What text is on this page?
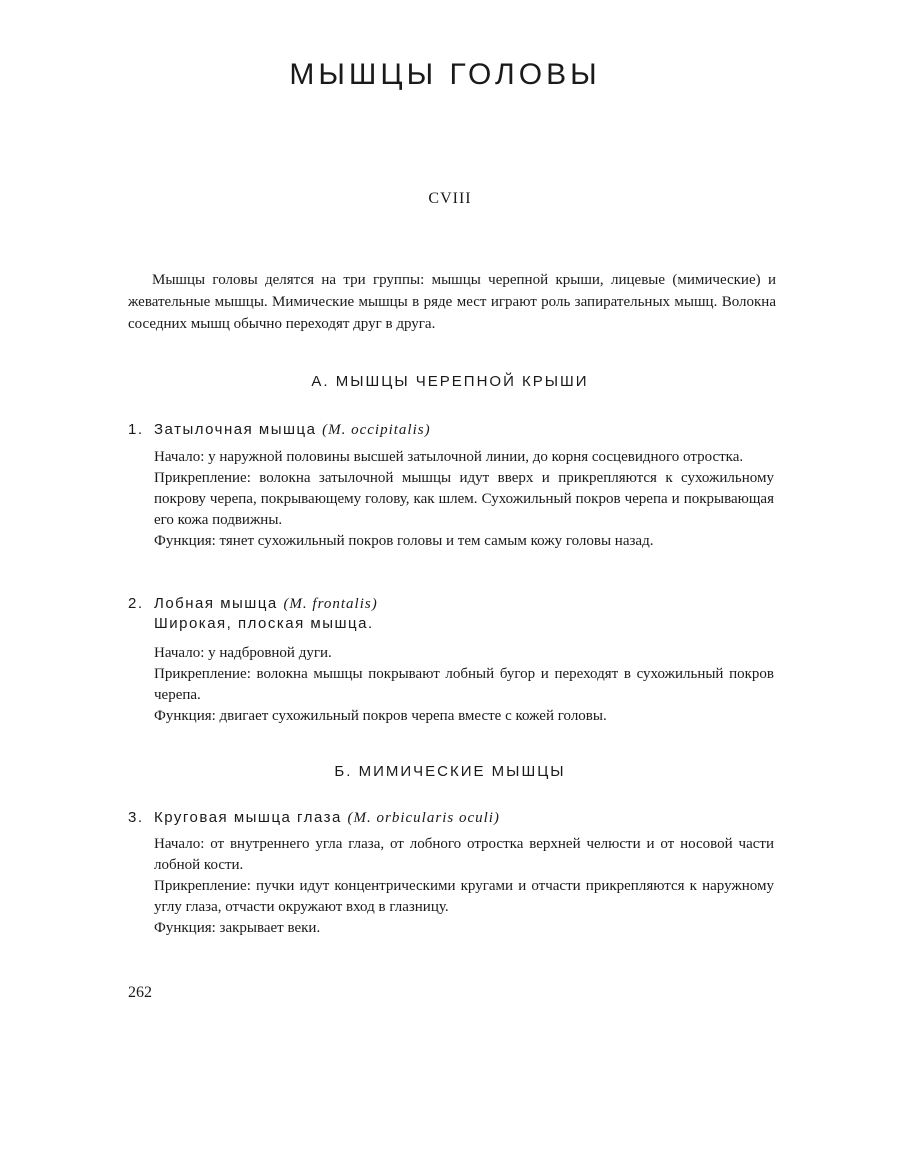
МЫШЦЫ ГОЛОВЫ
CVIII

Мышцы головы делятся на три группы: мышцы черепной крыши, лицевые (мимические) и жевательные мышцы. Мимические мышцы в ряде мест играют роль запирательных мышц. Волокна соседних мышц обычно переходят друг в друга.

А. МЫШЦЫ ЧЕРЕПНОЙ КРЫШИ
1. Затылочная мышца (M. occipitalis)

Начало: у наружной половины высшей затылочной линии, до корня сосцевидного отростка.

Прикрепление: волокна затылочной мышцы идут вверх и прикрепляются к сухожильному покрову черепа, покрывающему голову, как шлем. Сухожильный покров черепа и покрывающая его кожа подвижны.

Функция: тянет сухожильный покров головы и тем самым кожу головы назад.

2. Лобная мышца (M. frontalis)
Широкая, плоская мышца.

Начало: у надбровной дуги.

Прикрепление: волокна мышцы покрывают лобный бугор и переходят в сухожильный покров черепа.

Функция: двигает сухожильный покров черепа вместе с кожей головы.

Б. МИМИЧЕСКИЕ МЫШЦЫ
3. Круговая мышца глаза (M. orbicularis oculi)

Начало: от внутреннего угла глаза, от лобного отростка верхней челюсти и от носовой части лобной кости.

Прикрепление: пучки идут концентрическими кругами и отчасти прикрепляются к наружному углу глаза, отчасти окружают вход в глазницу.

Функция: закрывает веки.

262
